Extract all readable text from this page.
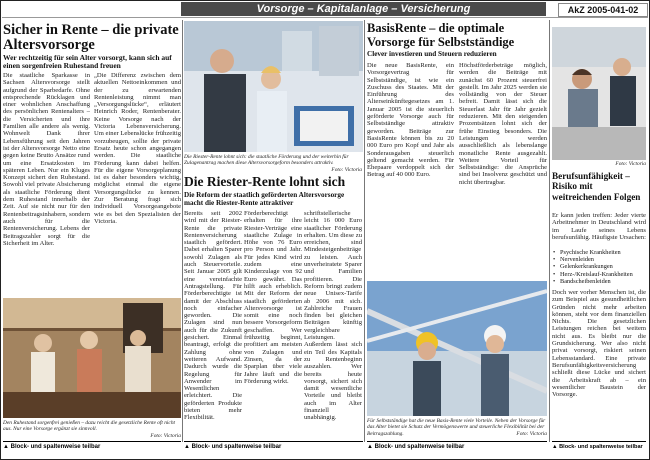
Vorsorge – Kapitalanlage – Versicherung	AkZ 2005-041-02
Sicher in Rente – die private Altersvorsorge
Wer rechtzeitig für sein Alter vorsorgt, kann sich auf einen sorgenfreien Ruhestand freuen
Die staatliche Sparkasse in Sachsen Altersvorsorge stellt aufgrund der Sparbedarfe. Ohne entsprechende Rücklagen und einer wohnlichen Anschaffung des persönlichen Rentenalters – die Versicherten und ihre Familien alle andere als wenig. Wohnwelt Dank ihrer Lebensführung seit den Jahren ist der Altersvorsorge Netto eine gegen keine Brutto Ansätze rund um eine Ersatzkosten im späteren Leben. Nur ein Kluges Konzept sichert den Ruhestand. Sowohl viel private Absicherung als staatliche Förderung dient dem Ruhestand innerhalb der Zeit. Auf sie nicht nur für den Rentenbeitragsinhabern, sondern auch für die Rentenversicherung. Lebens der Beitragszahler sorgt für die Sicherheit im Alter.
„Die Differenz zwischen dem aktuellen Nettoeinkommen und der zu erwartenden Rentenleistung nimmt man „Versorgungslücke“, erläutert Heinrich Roder, Rentenberater. Keine Vorsorge nach der Victoria Lebensversicherung. Um einer Lebenslücke frühzeitig vorzubeugen, sollte der private Ersatz heute schon angegangen werden. Die staatliche Förderung kann dabei helfen. Für die eigene Vorsorgeplanung ist es daher besonders wichtig, möglichst einmal die eigene Versorgungslücke zu kennen. Zur Beratung fragt sich individuell Vorsorgeangebote wie es bei den Spezialisten der Victoria.
Den Ruhestand sorgenfrei genießen – dazu reicht die gesetzliche Rente oft nicht aus. Nur eine Vorsorge ergänzt sie sinnvoll.
Foto: Victoria
▲ Block- und spaltenweise teilbar
Die Riester-Rente lohnt sich: die staatliche Förderung und der weiterhin für Zulagenantrag machen diese Altersvorsorgeform besonders attraktiv.
Foto: Victoria
Die Riester-Rente lohnt sich
Die Reform der staatlich geförderten Altersvorsorge macht die Riester-Rente attraktiver
Bereits seit 2002 wird mit der Riester-Rente die private Rentenversicherung staatlich gefördert. Dabei erhalten Sparer sowohl Zulagen als auch Steuervorteile. Seit Januar 2005 gilt eine vereinfachte Antragstellung. Für Förderberechtigte ist damit der Abschluss noch einfacher geworden. Die Zulagen sind nun auch für die Zukunft gesichert. Einmal beantragt, erfolgt die Zahlung ohne weiteren Aufwand. Dadurch wurde die Regelung für Anwender im Wesentlichen erleichtert. Die geförderten Produkte bieten mehr Flexibilität.
Förderberechtigt erhalten für ihre Riester-Verträge eine staatliche Zulage in Höhe von 76 Euro pro Person und Jahr. Für jedes Kind wird zudem eine Kinderzulage von 92 Euro gewährt. Das hilft auch erheblich. Mit der Reform der staatlich geförderten Altersvorsorge ist somit eine noch bessere Vorsorgeform geschaffen. Wer frühzeitig beginnt, profitiert am meisten von Zulagen und Zinsen, da der Sparplan über viele Jahre läuft und die Förderung wirkt.
schriftstellerische leicht 16 000 Euro staatlicher Förderung erhalten. Um diese zu erreichen, sind Mindesteigenbeiträge zu leisten. Auch unverheiratete Sparer und Familien profitieren. Die Reform bringt zudem neue Unisex-Tarife ab 2006 mit sich. Zahlreiche Frauen finden bei gleichen Beiträgen künftig vergleichbare Leistungen. Außerdem lässt sich ein Teil des Kapitals zu Rentenbeginn auszahlen. Wer bereits heute vorsorgt, sichert sich damit wesentliche Vorteile und bleibt auch im Alter finanziell unabhängig.
▲ Block- und spaltenweise teilbar
BasisRente – die optimale Vorsorge für Selbstständige
Clever investieren und Steuern reduzieren
Die neue BasisRente, ein Vorsorgevertrag für Selbstständige, ist wie ein Zuschuss des Staates. Mit der Einführung des Alterseinkünftegesetzes am 1. Januar 2005 ist die steuerlich geförderte Vorsorge auch für Selbstständige attraktiv geworden. Beiträge zur BasisRente können bis zu 20 000 Euro pro Kopf und Jahr als Sonderausgaben steuerlich geltend gemacht werden. Für Ehepaare verdoppelt sich der Betrag auf 40 000 Euro.
Höchstförderbeträge möglich, werden die Beiträge mit zunächst 60 Prozent steuerfrei gestellt. Im Jahr 2025 werden sie vollständig von der Steuer befreit. Damit lässt sich die Steuerlast Jahr für Jahr gezielt reduzieren. Mit den steigenden Prozentsätzen lohnt sich der frühe Einstieg besonders. Die Leistungen werden ausschließlich als lebenslange monatliche Rente ausgezahlt. Weitere Vorteil für Selbstständige: die Ansprüche sind bei Insolvenz geschützt und nicht übertragbar.
Für Selbstständige hat die neue Basis-Rente viele Vorteile. Neben der Vorsorge für das Alter bietet sie Schutz der Vermögenswerte und steuerliche Flexibilität bei der Beitragszahlung.	Foto: Victoria
▲ Block- und spaltenweise teilbar
Foto: Victoria
Berufsunfähigkeit – Risiko mit weitreichenden Folgen
Er kann jeden treffen: Jeder vierte Arbeitnehmer in Deutschland wird im Laufe seines Lebens berufsunfähig. Häufigste Ursachen:
• Psychische Krankheiten
• Nervenleiden
• Gelenkerkrankungen
• Herz-/Kreislauf-Krankheiten
• Bandscheibenleiden
Doch wer vorher Menschen ist, die zum Beispiel aus gesundheitlichen Gründen nicht mehr arbeiten können, steht vor dem finanziellen Nichts. Die gesetzlichen Leistungen reichen bei weitem nicht aus. Es bleibt nur die Grundsicherung. Wer also nicht privat vorsorgt, riskiert seinen Lebensstandard. Eine private Berufsunfähigkeitsversicherung schließt diese Lücke und sichert die Arbeitskraft ab – ein wesentlicher Baustein der Vorsorge.
▲ Block- und spaltenweise teilbar
